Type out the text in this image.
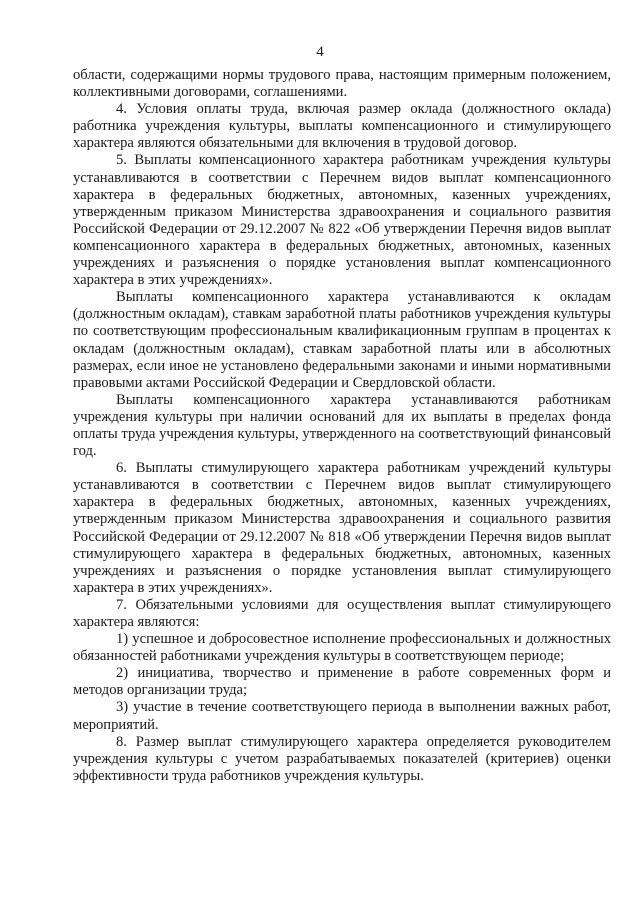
4

области, содержащими нормы трудового права, настоящим примерным положением, коллективными договорами, соглашениями.

4. Условия оплаты труда, включая размер оклада (должностного оклада) работника учреждения культуры, выплаты компенсационного и стимулирующего характера являются обязательными для включения в трудовой договор.

5. Выплаты компенсационного характера работникам учреждения культуры устанавливаются в соответствии с Перечнем видов выплат компенсационного характера в федеральных бюджетных, автономных, казенных учреждениях, утвержденным приказом Министерства здравоохранения и социального развития Российской Федерации от 29.12.2007 № 822 «Об утверждении Перечня видов выплат компенсационного характера в федеральных бюджетных, автономных, казенных учреждениях и разъяснения о порядке установления выплат компенсационного характера в этих учреждениях».

Выплаты компенсационного характера устанавливаются к окладам (должностным окладам), ставкам заработной платы работников учреждения культуры по соответствующим профессиональным квалификационным группам в процентах к окладам (должностным окладам), ставкам заработной платы или в абсолютных размерах, если иное не установлено федеральными законами и иными нормативными правовыми актами Российской Федерации и Свердловской области.

Выплаты компенсационного характера устанавливаются работникам учреждения культуры при наличии оснований для их выплаты в пределах фонда оплаты труда учреждения культуры, утвержденного на соответствующий финансовый год.

6. Выплаты стимулирующего характера работникам учреждений культуры устанавливаются в соответствии с Перечнем видов выплат стимулирующего характера в федеральных бюджетных, автономных, казенных учреждениях, утвержденным приказом Министерства здравоохранения и социального развития Российской Федерации от 29.12.2007 № 818 «Об утверждении Перечня видов выплат стимулирующего характера в федеральных бюджетных, автономных, казенных учреждениях и разъяснения о порядке установления выплат стимулирующего характера в этих учреждениях».

7. Обязательными условиями для осуществления выплат стимулирующего характера являются:

1) успешное и добросовестное исполнение профессиональных и должностных обязанностей работниками учреждения культуры в соответствующем периоде;

2) инициатива, творчество и применение в работе современных форм и методов организации труда;

3) участие в течение соответствующего периода в выполнении важных работ, мероприятий.

8. Размер выплат стимулирующего характера определяется руководителем учреждения культуры с учетом разрабатываемых показателей (критериев) оценки эффективности труда работников учреждения культуры.
